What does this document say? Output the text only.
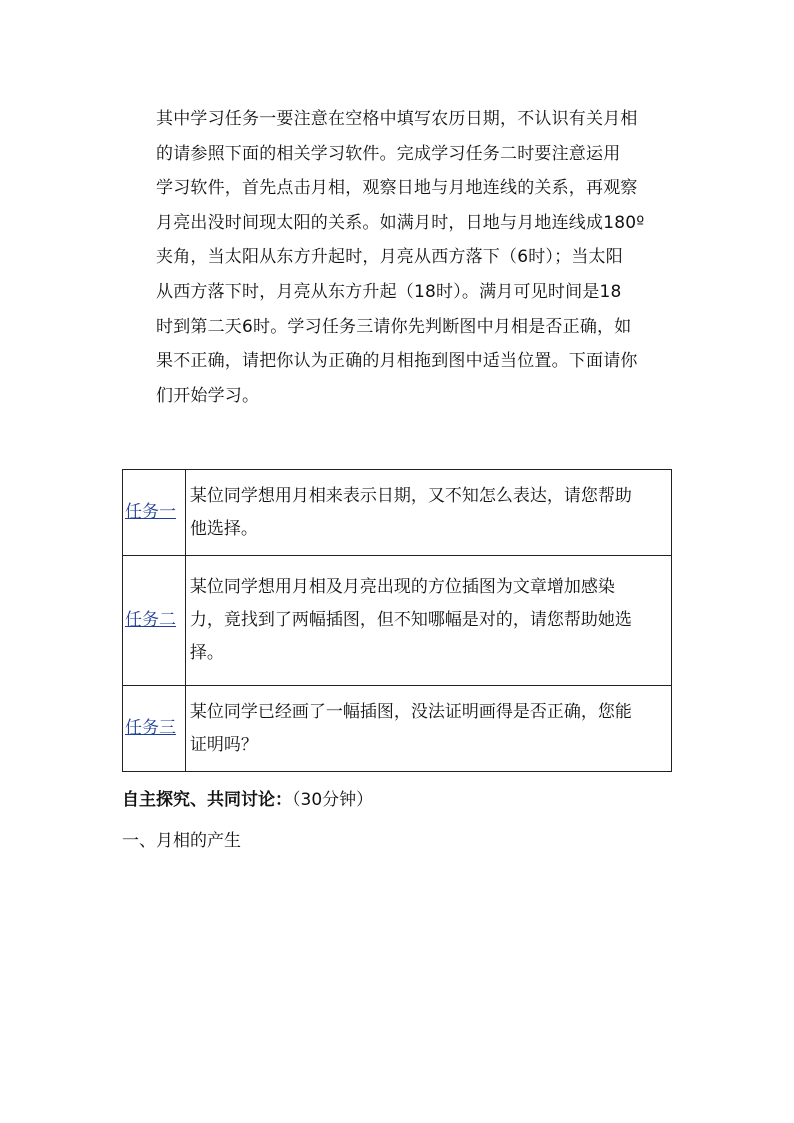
其中学习任务一要注意在空格中填写农历日期，不认识有关月相
的请参照下面的相关学习软件。完成学习任务二时要注意运用
学习软件，首先点击月相，观察日地与月地连线的关系，再观察
月亮出没时间现太阳的关系。如满月时，日地与月地连线成180º
夹角，当太阳从东方升起时，月亮从西方落下（6时）；当太阳
从西方落下时，月亮从东方升起（18时）。满月可见时间是18
时到第二天6时。学习任务三请你先判断图中月相是否正确，如
果不正确，请把你认为正确的月相拖到图中适当位置。下面请你
们开始学习。
任务一	某位同学想用月相来表示日期，又不知怎么表达，请您帮助
他选择。

任务二	某位同学想用月相及月亮出现的方位插图为文章增加感染
力，竟找到了两幅插图，但不知哪幅是对的，请您帮助她选
择。

任务三	某位同学已经画了一幅插图，没法证明画得是否正确，您能
证明吗？
自主探究、共同讨论：（30分钟）
一、月相的产生
